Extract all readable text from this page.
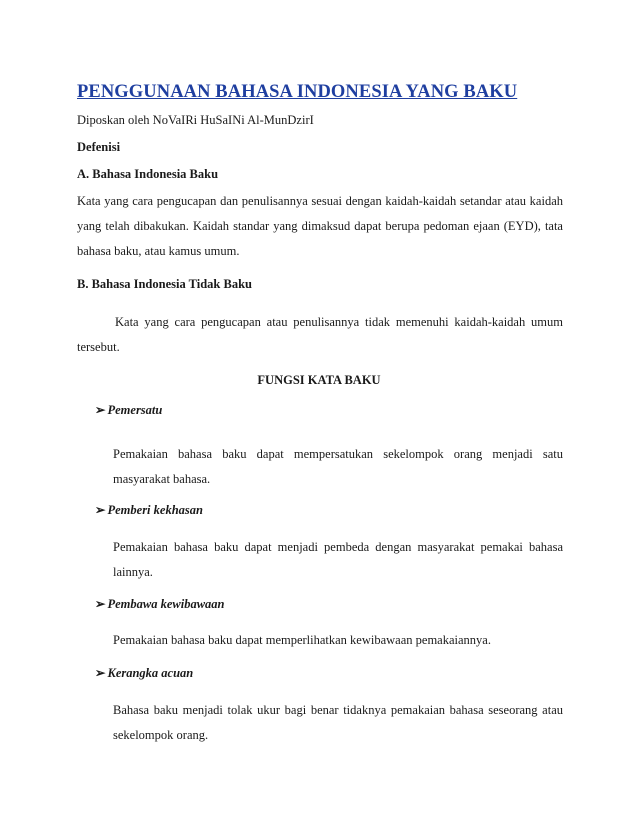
PENGGUNAAN BAHASA INDONESIA YANG BAKU
Diposkan oleh NoVaIRi HuSaINi Al-MunDzirI
Defenisi
A. Bahasa Indonesia Baku
Kata yang cara pengucapan dan penulisannya sesuai dengan kaidah-kaidah setandar atau kaidah yang telah dibakukan. Kaidah standar yang dimaksud dapat berupa pedoman ejaan (EYD), tata bahasa baku, atau kamus umum.
B. Bahasa Indonesia Tidak Baku
Kata yang cara pengucapan atau penulisannya tidak memenuhi kaidah-kaidah umum tersebut.
FUNGSI KATA BAKU
➢ Pemersatu
Pemakaian bahasa baku dapat mempersatukan sekelompok orang menjadi satu masyarakat bahasa.
➢ Pemberi kekhasan
Pemakaian bahasa baku dapat menjadi pembeda dengan masyarakat pemakai bahasa lainnya.
➢ Pembawa kewibawaan
Pemakaian bahasa baku dapat memperlihatkan kewibawaan pemakaiannya.
➢ Kerangka acuan
Bahasa baku menjadi tolak ukur bagi benar tidaknya pemakaian bahasa seseorang atau sekelompok orang.
